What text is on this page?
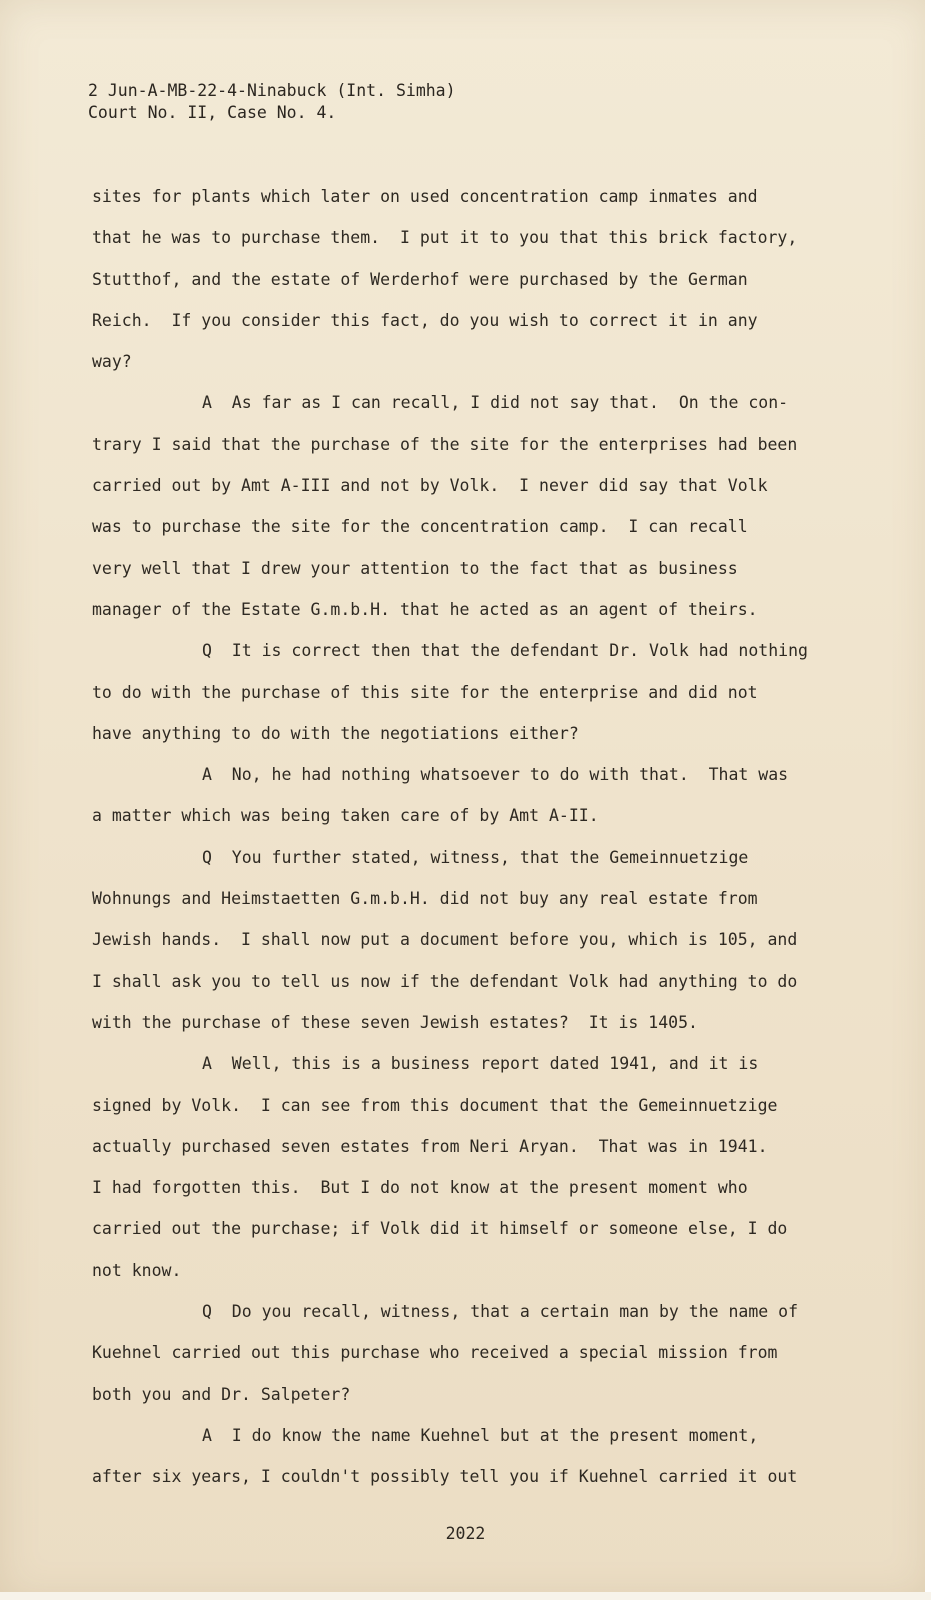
2 Jun-A-MB-22-4-Ninabuck (Int. Simha)
Court No. II, Case No. 4.
sites for plants which later on used concentration camp inmates and
that he was to purchase them.  I put it to you that this brick factory,
Stutthof, and the estate of Werderhof were purchased by the German
Reich.  If you consider this fact, do you wish to correct it in any
way?
A  As far as I can recall, I did not say that.  On the con-
trary I said that the purchase of the site for the enterprises had been
carried out by Amt A-III and not by Volk.  I never did say that Volk
was to purchase the site for the concentration camp.  I can recall
very well that I drew your attention to the fact that as business
manager of the Estate G.m.b.H. that he acted as an agent of theirs.
Q  It is correct then that the defendant Dr. Volk had nothing
to do with the purchase of this site for the enterprise and did not
have anything to do with the negotiations either?
A  No, he had nothing whatsoever to do with that.  That was
a matter which was being taken care of by Amt A-II.
Q  You further stated, witness, that the Gemeinnuetzige
Wohnungs and Heimstaetten G.m.b.H. did not buy any real estate from
Jewish hands.  I shall now put a document before you, which is 105, and
I shall ask you to tell us now if the defendant Volk had anything to do
with the purchase of these seven Jewish estates?  It is 1405.
A  Well, this is a business report dated 1941, and it is
signed by Volk.  I can see from this document that the Gemeinnuetzige
actually purchased seven estates from Neri Aryan.  That was in 1941.
I had forgotten this.  But I do not know at the present moment who
carried out the purchase; if Volk did it himself or someone else, I do
not know.
Q  Do you recall, witness, that a certain man by the name of
Kuehnel carried out this purchase who received a special mission from
both you and Dr. Salpeter?
A  I do know the name Kuehnel but at the present moment,
after six years, I couldn't possibly tell you if Kuehnel carried it out
2022
